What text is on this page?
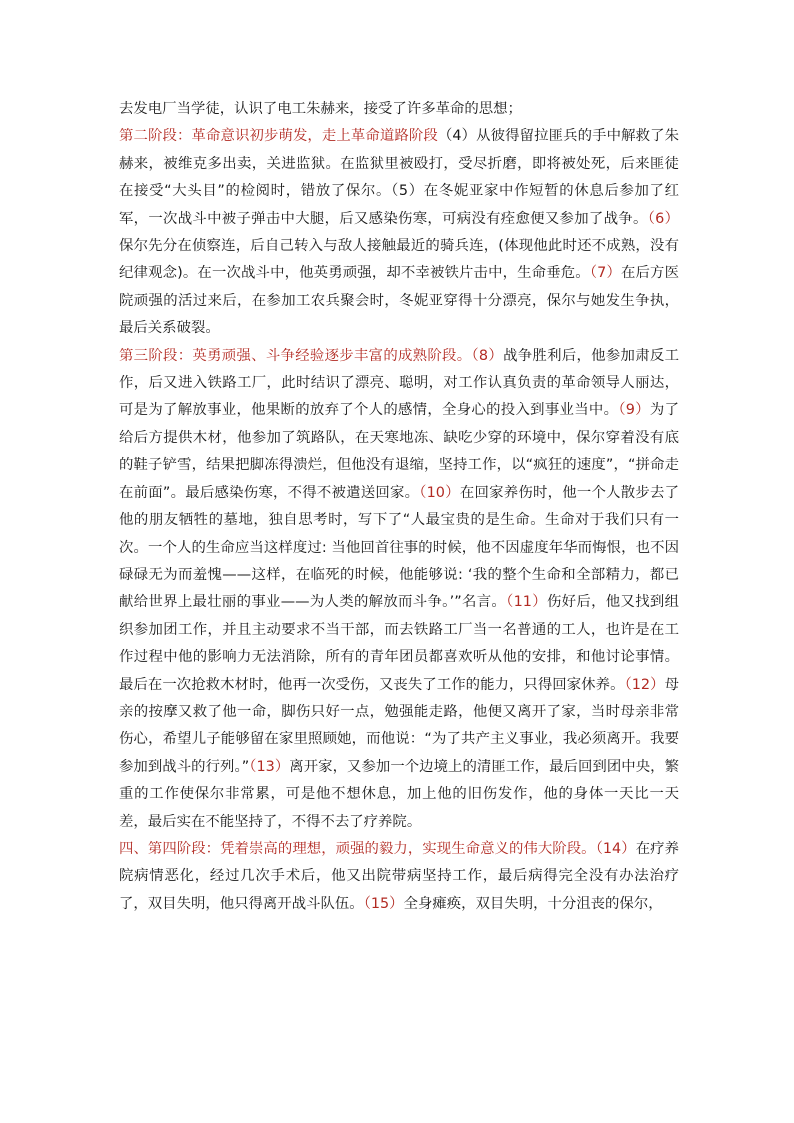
去发电厂当学徒，认识了电工朱赫来，接受了许多革命的思想；

第二阶段：革命意识初步萌发，走上革命道路阶段（4）从彼得留拉匪兵的手中解救了朱赫来，被维克多出卖，关进监狱。在监狱里被殴打，受尽折磨，即将被处死，后来匪徒在接受“大头目”的检阅时，错放了保尔。（5）在冬妮亚家中作短暂的休息后参加了红军，一次战斗中被子弹击中大腿，后又感染伤寒，可病没有痊愈便又参加了战争。（6）保尔先分在侦察连，后自己转入与敌人接触最近的骑兵连，(体现他此时还不成熟，没有纪律观念)。在一次战斗中，他英勇顽强，却不幸被铁片击中，生命垂危。（7）在后方医院顽强的活过来后，在参加工农兵聚会时，冬妮亚穿得十分漂亮，保尔与她发生争执，最后关系破裂。

第三阶段：英勇顽强、斗争经验逐步丰富的成熟阶段。（8）战争胜利后，他参加肃反工作，后又进入铁路工厂，此时结识了漂亮、聪明，对工作认真负责的革命领导人丽达，可是为了解放事业，他果断的放弃了个人的感情，全身心的投入到事业当中。（9）为了给后方提供木材，他参加了筑路队，在天寒地冻、缺吃少穿的环境中，保尔穿着没有底的鞋子铲雪，结果把脚冻得溃烂，但他没有退缩，坚持工作，以“疯狂的速度”，“拼命走在前面”。最后感染伤寒，不得不被遣送回家。（10）在回家养伤时，他一个人散步去了他的朋友牺牲的墓地，独自思考时，写下了“人最宝贵的是生命。生命对于我们只有一次。一个人的生命应当这样度过: 当他回首往事的时候，他不因虚度年华而悔恨，也不因碌碌无为而羞愧——这样，在临死的时候，他能够说: ‘我的整个生命和全部精力，都已献给世界上最壮丽的事业——为人类的解放而斗争。’”名言。（11）伤好后，他又找到组织参加团工作，并且主动要求不当干部，而去铁路工厂当一名普通的工人，也许是在工作过程中他的影响力无法消除，所有的青年团员都喜欢听从他的安排，和他讨论事情。最后在一次抢救木材时，他再一次受伤，又丧失了工作的能力，只得回家休养。（12）母亲的按摩又救了他一命，脚伤只好一点，勉强能走路，他便又离开了家，当时母亲非常伤心，希望儿子能够留在家里照顾她，而他说：“为了共产主义事业，我必须离开。我要参加到战斗的行列。”（13）离开家，又参加一个边境上的清匪工作，最后回到团中央，繁重的工作使保尔非常累，可是他不想休息，加上他的旧伤发作，他的身体一天比一天差，最后实在不能坚持了，不得不去了疗养院。

四、第四阶段：凭着崇高的理想，顽强的毅力，实现生命意义的伟大阶段。（14）在疗养院病情恶化，经过几次手术后，他又出院带病坚持工作，最后病得完全没有办法治疗了，双目失明，他只得离开战斗队伍。（15）全身瘫痪，双目失明，十分沮丧的保尔，
